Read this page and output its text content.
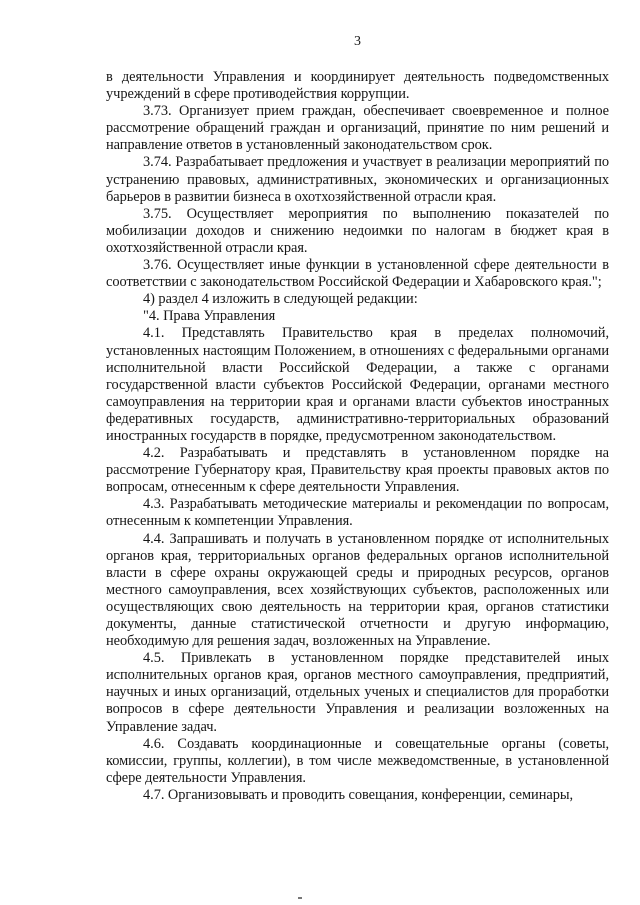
3

в деятельности Управления и координирует деятельность подведомственных учреждений в сфере противодействия коррупции.

3.73. Организует прием граждан, обеспечивает своевременное и полное рассмотрение обращений граждан и организаций, принятие по ним решений и направление ответов в установленный законодательством срок.

3.74. Разрабатывает предложения и участвует в реализации мероприятий по устранению правовых, административных, экономических и организационных барьеров в развитии бизнеса в охотхозяйственной отрасли края.

3.75. Осуществляет мероприятия по выполнению показателей по мобилизации доходов и снижению недоимки по налогам в бюджет края в охотхозяйственной отрасли края.

3.76. Осуществляет иные функции в установленной сфере деятельности в соответствии с законодательством Российской Федерации и Хабаровского края.";

4) раздел 4 изложить в следующей редакции:

"4. Права Управления

4.1. Представлять Правительство края в пределах полномочий, установленных настоящим Положением, в отношениях с федеральными органами исполнительной власти Российской Федерации, а также с органами государственной власти субъектов Российской Федерации, органами местного самоуправления на территории края и органами власти субъектов иностранных федеративных государств, административно-территориальных образований иностранных государств в порядке, предусмотренном законодательством.

4.2. Разрабатывать и представлять в установленном порядке на рассмотрение Губернатору края, Правительству края проекты правовых актов по вопросам, отнесенным к сфере деятельности Управления.

4.3. Разрабатывать методические материалы и рекомендации по вопросам, отнесенным к компетенции Управления.

4.4. Запрашивать и получать в установленном порядке от исполнительных органов края, территориальных органов федеральных органов исполнительной власти в сфере охраны окружающей среды и природных ресурсов, органов местного самоуправления, всех хозяйствующих субъектов, расположенных или осуществляющих свою деятельность на территории края, органов статистики документы, данные статистической отчетности и другую информацию, необходимую для решения задач, возложенных на Управление.

4.5. Привлекать в установленном порядке представителей иных исполнительных органов края, органов местного самоуправления, предприятий, научных и иных организаций, отдельных ученых и специалистов для проработки вопросов в сфере деятельности Управления и реализации возложенных на Управление задач.

4.6. Создавать координационные и совещательные органы (советы, комиссии, группы, коллегии), в том числе межведомственные, в установленной сфере деятельности Управления.

4.7. Организовывать и проводить совещания, конференции, семинары,
